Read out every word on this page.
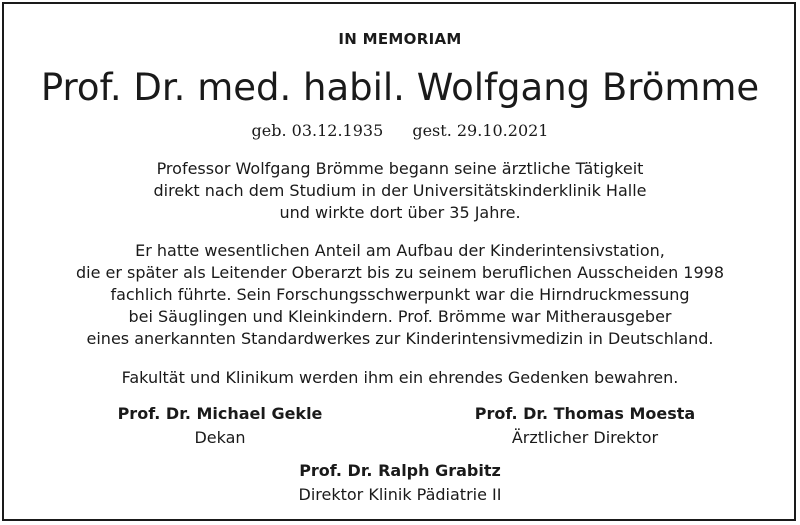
IN MEMORIAM
Prof. Dr. med. habil. Wolfgang Brömme
geb. 03.12.1935 gest. 29.10.2021
Professor Wolfgang Brömme begann seine ärztliche Tätigkeit
direkt nach dem Studium in der Universitätskinderklinik Halle
und wirkte dort über 35 Jahre.
Er hatte wesentlichen Anteil am Aufbau der Kinderintensivstation,
die er später als Leitender Oberarzt bis zu seinem beruflichen Ausscheiden 1998
fachlich führte. Sein Forschungsschwerpunkt war die Hirndruckmessung
bei Säuglingen und Kleinkindern. Prof. Brömme war Mitherausgeber
eines anerkannten Standardwerkes zur Kinderintensivmedizin in Deutschland.
Fakultät und Klinikum werden ihm ein ehrendes Gedenken bewahren.
Prof. Dr. Michael Gekle
Dekan
Prof. Dr. Thomas Moesta
Ärztlicher Direktor
Prof. Dr. Ralph Grabitz
Direktor Klinik Pädiatrie II
